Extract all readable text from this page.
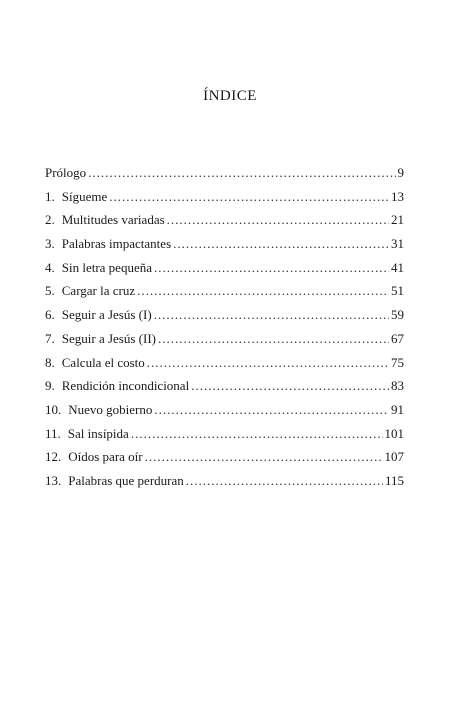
ÍNDICE
Prólogo .....	9
1. Sígueme .....	13
2. Multitudes variadas .....	21
3. Palabras impactantes .....	31
4. Sin letra pequeña .....	41
5. Cargar la cruz .....	51
6. Seguir a Jesús (I) .....	59
7. Seguir a Jesús (II) .....	67
8. Calcula el costo .....	75
9. Rendición incondicional .....	83
10. Nuevo gobierno .....	91
11. Sal insípida .....	101
12. Oídos para oír .....	107
13. Palabras que perduran .....	115
